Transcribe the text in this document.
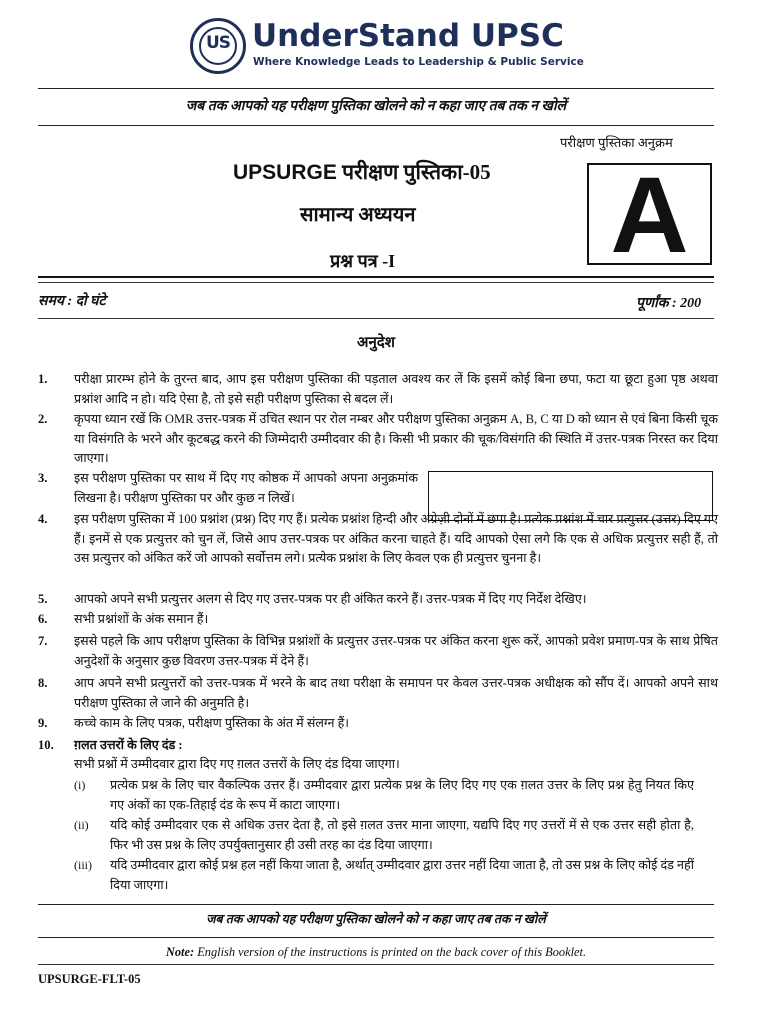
US UnderStand UPSC
Where Knowledge Leads to Leadership & Public Service
जब तक आपको यह परीक्षण पुस्तिका खोलने को न कहा जाए तब तक न खोलें
परीक्षण पुस्तिका अनुक्रम
UPSURGE परीक्षण पुस्तिका-05
सामान्य अध्ययन
प्रश्न पत्र -I A
समय : दो घंटे	पूर्णांक : 200
अनुदेश
1. परीक्षा प्रारम्भ होने के तुरन्त बाद, आप इस परीक्षण पुस्तिका की पड़ताल अवश्य कर लें कि इसमें कोई बिना छपा, फटा या छूटा हुआ पृष्ठ अथवा प्रश्नांश आदि न हो। यदि ऐसा है, तो इसे सही परीक्षण पुस्तिका से बदल लें।
2. कृपया ध्यान रखें कि OMR उत्तर-पत्रक में उचित स्थान पर रोल नम्बर और परीक्षण पुस्तिका अनुक्रम A, B, C या D को ध्यान से एवं बिना किसी चूक या विसंगति के भरने और कूटबद्ध करने की जिम्मेदारी उम्मीदवार की है। किसी भी प्रकार की चूक/विसंगति की स्थिति में उत्तर-पत्रक निरस्त कर दिया जाएगा।
3. इस परीक्षण पुस्तिका पर साथ में दिए गए कोष्ठक में आपको अपना अनुक्रमांक लिखना है। परीक्षण पुस्तिका पर और कुछ न लिखें।
4. इस परीक्षण पुस्तिका में 100 प्रश्नांश (प्रश्न) दिए गए हैं। प्रत्येक प्रश्नांश हिन्दी और अंग्रेज़ी दोनों में छपा है। प्रत्येक प्रश्नांश में चार प्रत्युत्तर (उत्तर) दिए गए हैं। इनमें से एक प्रत्युत्तर को चुन लें, जिसे आप उत्तर-पत्रक पर अंकित करना चाहते हैं। यदि आपको ऐसा लगे कि एक से अधिक प्रत्युत्तर सही हैं, तो उस प्रत्युत्तर को अंकित करें जो आपको सर्वोत्तम लगे। प्रत्येक प्रश्नांश के लिए केवल एक ही प्रत्युत्तर चुनना है।
5. आपको अपने सभी प्रत्युत्तर अलग से दिए गए उत्तर-पत्रक पर ही अंकित करने हैं। उत्तर-पत्रक में दिए गए निर्देश देखिए।
6. सभी प्रश्नांशों के अंक समान हैं।
7. इससे पहले कि आप परीक्षण पुस्तिका के विभिन्न प्रश्नांशों के प्रत्युत्तर उत्तर-पत्रक पर अंकित करना शुरू करें, आपको प्रवेश प्रमाण-पत्र के साथ प्रेषित अनुदेशों के अनुसार कुछ विवरण उत्तर-पत्रक में देने हैं।
8. आप अपने सभी प्रत्युत्तरों को उत्तर-पत्रक में भरने के बाद तथा परीक्षा के समापन पर केवल उत्तर-पत्रक अधीक्षक को सौंप दें। आपको अपने साथ परीक्षण पुस्तिका ले जाने की अनुमति है।
9. कच्चे काम के लिए पत्रक, परीक्षण पुस्तिका के अंत में संलग्न हैं।
10. ग़लत उत्तरों के लिए दंड :
सभी प्रश्नों में उम्मीदवार द्वारा दिए गए ग़लत उत्तरों के लिए दंड दिया जाएगा।
(i) प्रत्येक प्रश्न के लिए चार वैकल्पिक उत्तर हैं। उम्मीदवार द्वारा प्रत्येक प्रश्न के लिए दिए गए एक ग़लत उत्तर के लिए प्रश्न हेतु नियत किए गए अंकों का एक-तिहाई दंड के रूप में काटा जाएगा।
(ii) यदि कोई उम्मीदवार एक से अधिक उत्तर देता है, तो इसे ग़लत उत्तर माना जाएगा, यद्यपि दिए गए उत्तरों में से एक उत्तर सही होता है, फिर भी उस प्रश्न के लिए उपर्युक्तानुसार ही उसी तरह का दंड दिया जाएगा।
(iii) यदि उम्मीदवार द्वारा कोई प्रश्न हल नहीं किया जाता है, अर्थात् उम्मीदवार द्वारा उत्तर नहीं दिया जाता है, तो उस प्रश्न के लिए कोई दंड नहीं दिया जाएगा।
जब तक आपको यह परीक्षण पुस्तिका खोलने को न कहा जाए तब तक न खोलें
Note: English version of the instructions is printed on the back cover of this Booklet.
UPSURGE-FLT-05
